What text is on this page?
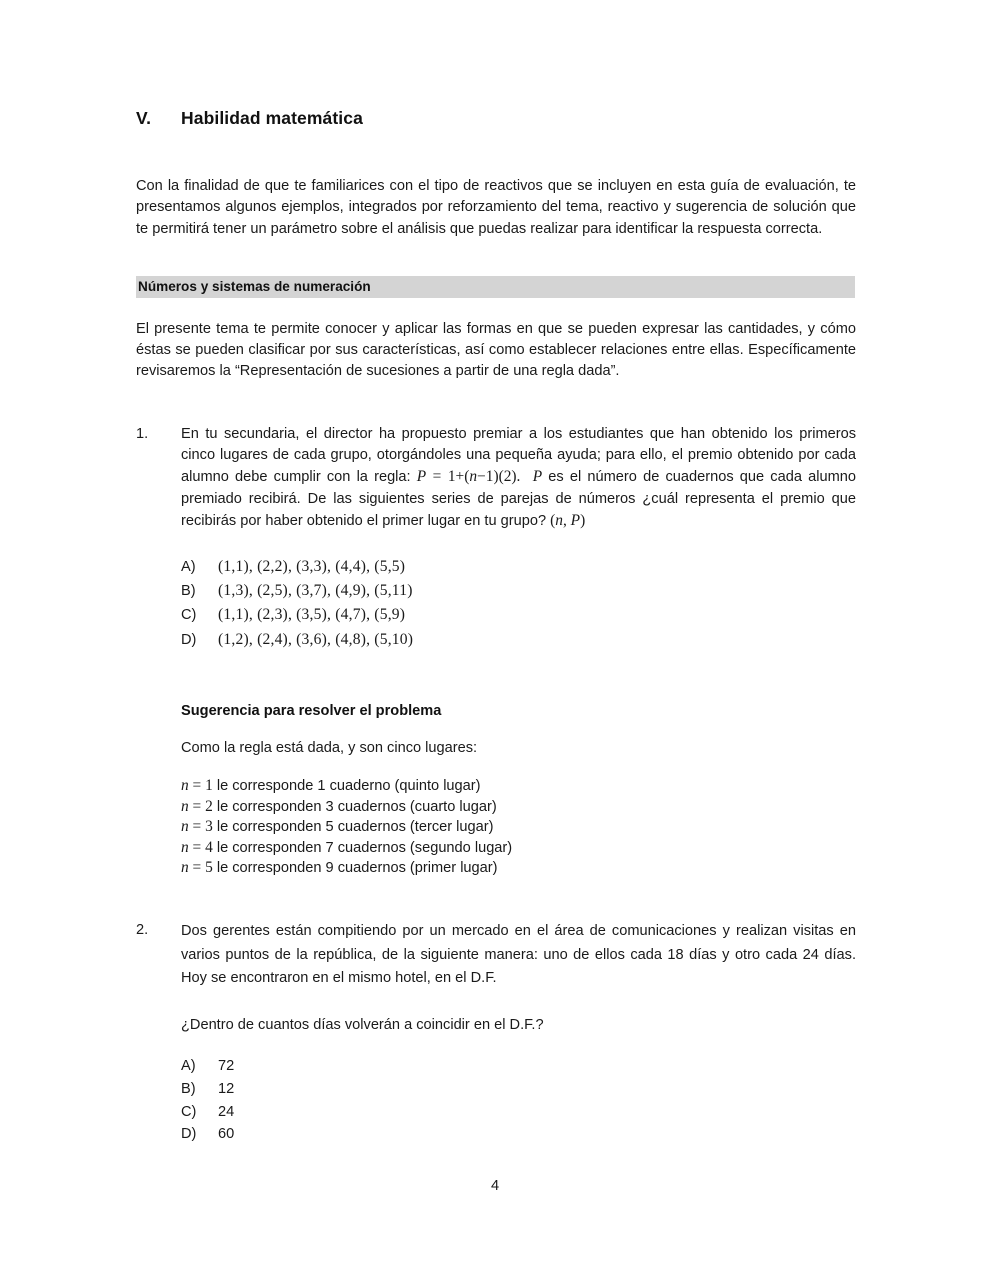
V.	Habilidad matemática

Con la finalidad de que te familiarices con el tipo de reactivos que se incluyen en esta guía de evaluación, te presentamos algunos ejemplos, integrados por reforzamiento del tema, reactivo y sugerencia de solución que te permitirá tener un parámetro sobre el análisis que puedas realizar para identificar la respuesta correcta.

Números y sistemas de numeración

El presente tema te permite conocer y aplicar las formas en que se pueden expresar las cantidades, y cómo éstas se pueden clasificar por sus características, así como establecer relaciones entre ellas. Específicamente revisaremos la “Representación de sucesiones a partir de una regla dada”.

1.	En tu secundaria, el director ha propuesto premiar a los estudiantes que han obtenido los primeros cinco lugares de cada grupo, otorgándoles una pequeña ayuda; para ello, el premio obtenido por cada alumno debe cumplir con la regla: P = 1+(n−1)(2). P es el número de cuadernos que cada alumno premiado recibirá. De las siguientes series de parejas de números ¿cuál representa el premio que recibirás por haber obtenido el primer lugar en tu grupo? (n, P)
A)	(1,1), (2,2), (3,3), (4,4), (5,5)
B)	(1,3), (2,5), (3,7), (4,9), (5,11)
C)	(1,1), (2,3), (3,5), (4,7), (5,9)
D)	(1,2), (2,4), (3,6), (4,8), (5,10)
Sugerencia para resolver el problema
Como la regla está dada, y son cinco lugares:
n = 1 le corresponde 1 cuaderno (quinto lugar)
n = 2 le corresponden 3 cuadernos (cuarto lugar)
n = 3 le corresponden 5 cuadernos (tercer lugar)
n = 4 le corresponden 7 cuadernos (segundo lugar)
n = 5 le corresponden 9 cuadernos (primer lugar)
2.	Dos gerentes están compitiendo por un mercado en el área de comunicaciones y realizan visitas en varios puntos de la república, de la siguiente manera: uno de ellos cada 18 días y otro cada 24 días. Hoy se encontraron en el mismo hotel, en el D.F.
¿Dentro de cuantos días volverán a coincidir en el D.F.?
A)	72
B)	12
C)	24
D)	60
4
